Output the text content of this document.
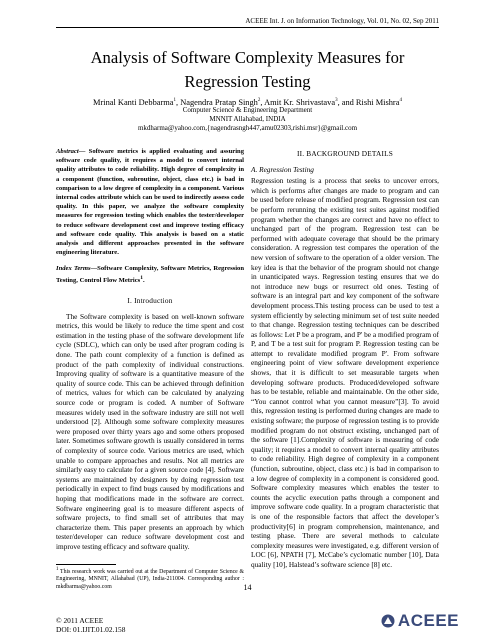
ACEEE Int. J. on Information Technology, Vol. 01, No. 02, Sep 2011
Analysis of Software Complexity Measures for
Regression Testing
Mrinal Kanti Debbarma$^1$, Nagendra Pratap Singh$^2$, Amit Kr. Shrivastava$^3$, and Rishi Mishra$^4$
Computer Science & Engineering Department
MNNIT Allahabad, INDIA
mkdharma@yahoo.com,{nagendrasngh447,amu02303,rishi.msr}@gmail.com
Abstract— Software metrics is applied evaluating and assuring software code quality, it requires a model to convert internal quality attributes to code reliability. High degree of complexity in a component (function, subroutine, object, class etc.) is bad in comparison to a low degree of complexity in a component. Various internal codes attribute which can be used to indirectly assess code quality. In this paper, we analyze the software complexity measures for regression testing which enables the tester/developer to reduce software development cost and improve testing efficacy and software code quality. This analysis is based on a static analysis and different approaches presented in the software engineering literature.
Index Terms—Software Complexity, Software Metrics, Regression Testing, Control Flow Metrics$^1$.
I. Introduction

The Software complexity is based on well-known software metrics, this would be likely to reduce the time spent and cost estimation in the testing phase of the software development life cycle (SDLC), which can only be used after program coding is done. The path count complexity of a function is defined as product of the path complexity of individual constructions. Improving quality of software is a quantitative measure of the quality of source code. This can be achieved through definition of metrics, values for which can be calculated by analyzing source code or program is coded. A number of Software measures widely used in the software industry are still not well understood [2]. Although some software complexity measures were proposed over thirty years ago and some others proposed later. Sometimes software growth is usually considered in terms of complexity of source code. Various metrics are used, which unable to compare approaches and results. Not all metrics are similarly easy to calculate for a given source code [4]. Software systems are maintained by designers by doing regression test periodically in expect to find bugs caused by modifications and hoping that modifications made in the software are correct. Software engineering goal is to measure different aspects of software projects, to find small set of attributes that may characterize them. This paper presents an approach by which tester/developer can reduce software development cost and improve testing efficacy and software quality.

II. BACKGROUND DETAILS
A. Regression Testing

Regression testing is a process that seeks to uncover errors, which is performs after changes are made to program and can be used before release of modified program. Regression test can be perform rerunning the existing test suites against modified program whether the changes are correct and have no effect to unchanged part of the program. Regression test can be performed with adequate coverage that should be the primary consideration. A regression test compares the operation of the new version of software to the operation of a older version. The key idea is that the behavior of the program should not change in unanticipated ways. Regression testing ensures that we do not introduce new bugs or resurrect old ones. Testing of software is an integral part and key component of the software development process.This testing process can be used to test a system efficiently by selecting minimum set of test suite needed to that change. Regression testing techniques can be described as follows: Let P be a program, and P' be a modified program of P, and T be a test suit for program P. Regression testing can be attempt to revalidate modified program P'. From software engineering point of view software development experience shows, that it is difficult to set measurable targets when developing software products. Produced/developed software has to be testable, reliable and maintainable. On the other side, “You cannot control what you cannot measure”[3]. To avoid this, regression testing is performed during changes are made to existing software; the purpose of regression testing is to provide modified program do not obstruct existing, unchanged part of the software [1].Complexity of software is measuring of code quality; it requires a model to convert internal quality attributes to code reliability. High degree of complexity in a component (function, subroutine, object, class etc.) is bad in comparison to a low degree of complexity in a component is considered good. Software complexity measures which enables the tester to counts the acyclic execution paths through a component and improve software code quality. In a program characteristic that is one of the responsible factors that affect the developer’s productivity[6] in program comprehension, maintenance, and testing phase. There are several methods to calculate complexity measures were investigated, e.g. different version of LOC [6], NPATH [7], McCabe’s cyclomatic number [10], Data quality [10], Halstead’s software science [8] etc.

$^1$ This research work was carried out at the Department of Computer Science & Engineering, MNNIT, Allahabad (UP), India-211004. Corresponding author : mkdbarma@yahoo.com	14
© 2011 ACEEE
DOI: 01.IJIT.01.02.158	ACEEE
